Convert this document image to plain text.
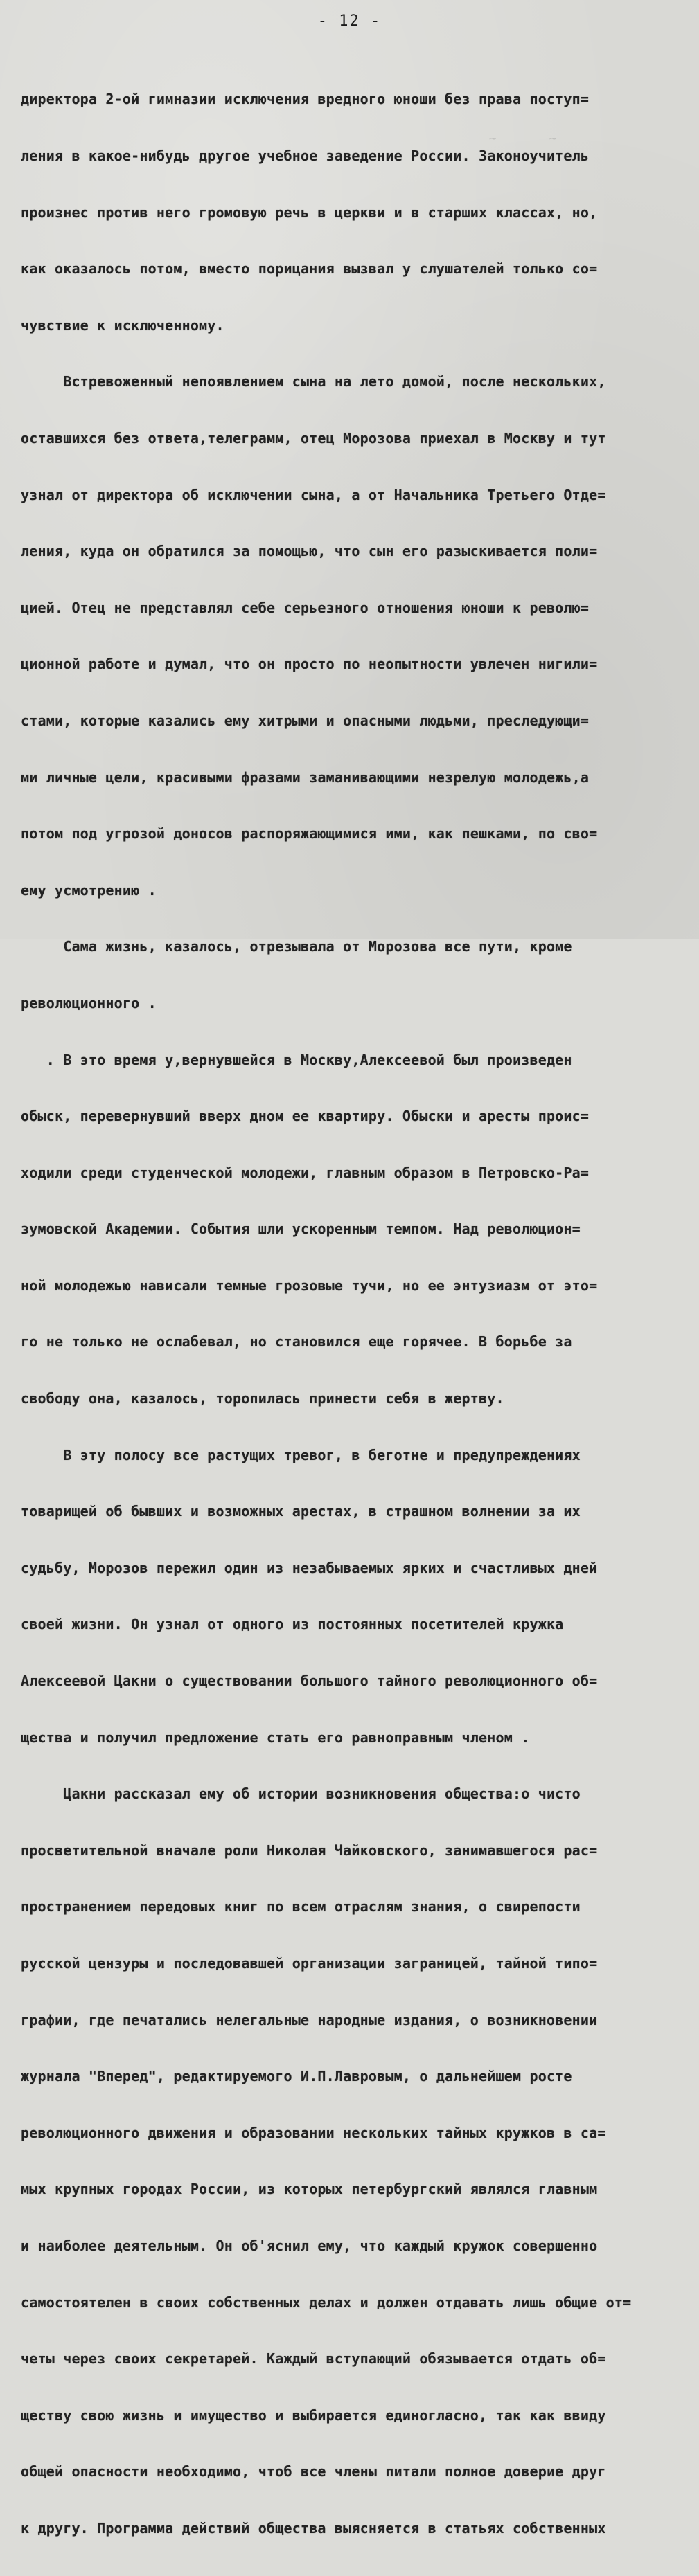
- 12 -
~       ~

директора 2-ой гимназии исключения вредного юноши без права поступ=

ления в какое-нибудь другое учебное заведение России. Законоучитель

произнес против него громовую речь в церкви и в старших классах, но,

как оказалось потом, вместо порицания вызвал у слушателей только со=

чувствие к исключенному.

Встревоженный непоявлением сына на лето домой, после нескольких,

оставшихся без ответа,телеграмм, отец Морозова приехал в Москву и тут

узнал от директора об исключении сына, а от Начальника Третьего Отде=

ления, куда он обратился за помощью, что сын его разыскивается поли=

цией. Отец не представлял себе серьезного отношения юноши к револю=

ционной работе и думал, что он просто по неопытности увлечен нигили=

стами, которые казались ему хитрыми и опасными людьми, преследующи=

ми личные цели, красивыми фразами заманивающими незрелую молодежь,а

потом под угрозой доносов распоряжающимися ими, как пешками, по сво=

ему усмотрению .

Сама жизнь, казалось, отрезывала от Морозова все пути, кроме

революционного .

. В это время у,вернувшейся в Москву,Алексеевой был произведен

обыск, перевернувший вверх дном ее квартиру. Обыски и аресты проис=

ходили среди студенческой молодежи, главным образом в Петровско-Ра=

зумовской Академии. События шли ускоренным темпом. Над революцион=

ной молодежью нависали темные грозовые тучи, но ее энтузиазм от это=

го не только не ослабевал, но становился еще горячее. В борьбе за

свободу она, казалось, торопилась принести себя в жертву.

В эту полосу все растущих тревог, в беготне и предупреждениях

товарищей об бывших и возможных арестах, в страшном волнении за их

судьбу, Морозов пережил один из незабываемых ярких и счастливых дней

своей жизни. Он узнал от одного из постоянных посетителей кружка

Алексеевой Цакни о существовании большого тайного революционного об=

щества и получил предложение стать его равноправным членом .

Цакни рассказал ему об истории возникновения общества:о чисто

просветительной вначале роли Николая Чайковского, занимавшегося рас=

пространением передовых книг по всем отраслям знания, о свирепости

русской цензуры и последовавшей организации заграницей, тайной типо=

графии, где печатались нелегальные народные издания, о возникновении

журнала "Вперед", редактируемого И.П.Лавровым, о дальнейшем росте

революционного движения и образовании нескольких тайных кружков в са=

мых крупных городах России, из которых петербургский являлся главным

и наиболее деятельным. Он об'яснил ему, что каждый кружок совершенно

самостоятелен в своих собственных делах и должен отдавать лишь общие от=

четы через своих секретарей. Каждый вступающий обязывается отдать об=

ществу свою жизнь и имущество и выбирается единогласно, так как ввиду

общей опасности необходимо, чтоб все члены питали полное доверие друг

к другу. Программа действий общества выясняется в статьях собственных
